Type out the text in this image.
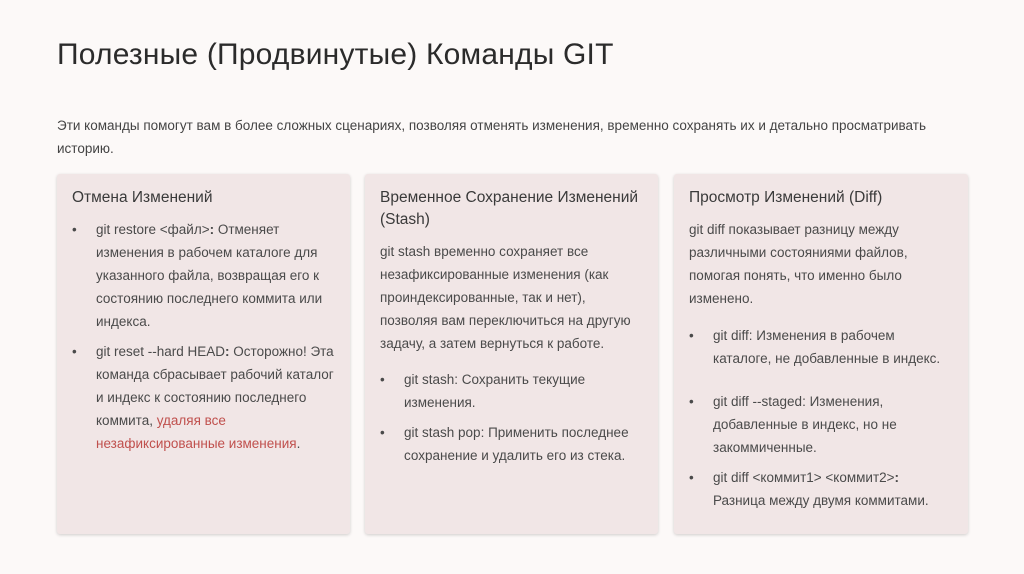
Полезные (Продвинутые) Команды GIT

Эти команды помогут вам в более сложных сценариях, позволяя отменять изменения, временно сохранять их и детально просматривать историю.

Отмена Изменений
• git restore <файл>: Отменяет изменения в рабочем каталоге для указанного файла, возвращая его к состоянию последнего коммита или индекса.
• git reset --hard HEAD: Осторожно! Эта команда сбрасывает рабочий каталог и индекс к состоянию последнего коммита, удаляя все незафиксированные изменения.
Временное Сохранение Изменений (Stash)

git stash временно сохраняет все незафиксированные изменения (как проиндексированные, так и нет), позволяя вам переключиться на другую задачу, а затем вернуться к работе.

• git stash: Сохранить текущие изменения.
• git stash pop: Применить последнее сохранение и удалить его из стека.
Просмотр Изменений (Diff)

git diff показывает разницу между различными состояниями файлов, помогая понять, что именно было изменено.

• git diff: Изменения в рабочем каталоге, не добавленные в индекс.
• git diff --staged: Изменения, добавленные в индекс, но не закоммиченные.
• git diff <коммит1> <коммит2>: Разница между двумя коммитами.
